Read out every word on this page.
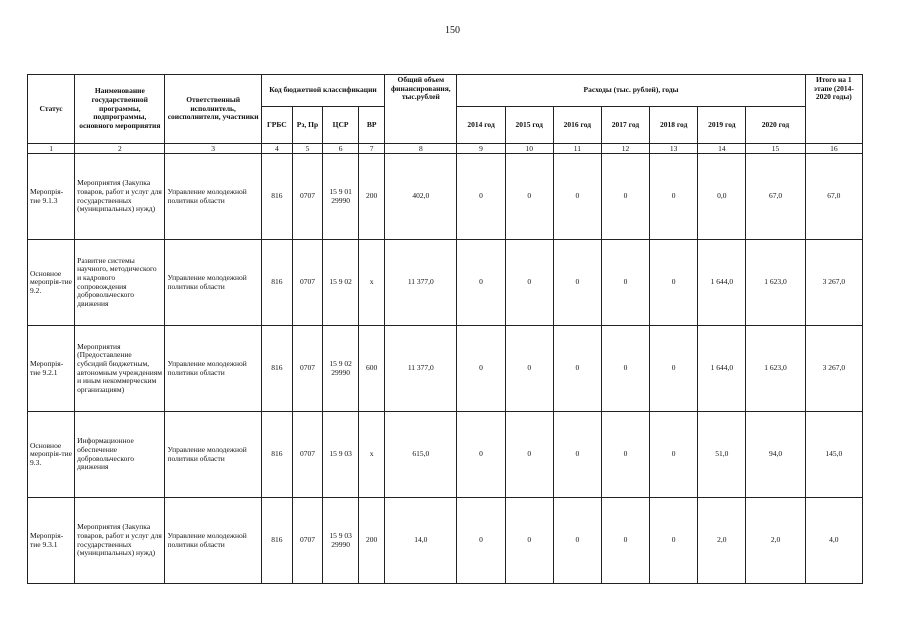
150
Статус	Наименование государственной программы, подпрограммы, основного мероприятия	Ответственный исполнитель, соисполнители, участники	Код бюджетной классификации				Общий объем финансирования, тыс.рублей	Расходы (тыс. рублей), годы							Итого на 1 этапе (2014-2020 годы)
			ГРБС	Рз, Пр	ЦСР	ВР		2014 год	2015 год	2016 год	2017 год	2018 год	2019 год	2020 год	
1	2	3	4	5	6	7	8	9	10	11	12	13	14	15	16
Меропрія-тие 9.1.3	Мероприятия (Закупка товаров, работ и услуг для государственных (муниципальных) нужд)	Управление молодежной политики области	816	0707	15 9 01 29990	200	402,0	0	0	0	0	0	0,0	67,0	67,0
Основное меропрія-тие 9.2.	Развитие системы научного, методического и кадрового сопровождения добровольческого движения	Управление молодежной политики области	816	0707	15 9 02	х	11 377,0	0	0	0	0	0	1 644,0	1 623,0	3 267,0
Меропрія-тие 9.2.1	Мероприятия (Предоставление субсидий бюджетным, автономным учреждениям и иным некоммерческим организациям)	Управление молодежной политики области	816	0707	15 9 02 29990	600	11 377,0	0	0	0	0	0	1 644,0	1 623,0	3 267,0
Основное меропрія-тие 9.3.	Информационное обеспечение добровольческого движения	Управление молодежной политики области	816	0707	15 9 03	х	615,0	0	0	0	0	0	51,0	94,0	145,0
Меропрія-тие 9.3.1	Мероприятия (Закупка товаров, работ и услуг для государственных (муниципальных) нужд)	Управление молодежной политики области	816	0707	15 9 03 29990	200	14,0	0	0	0	0	0	2,0	2,0	4,0
